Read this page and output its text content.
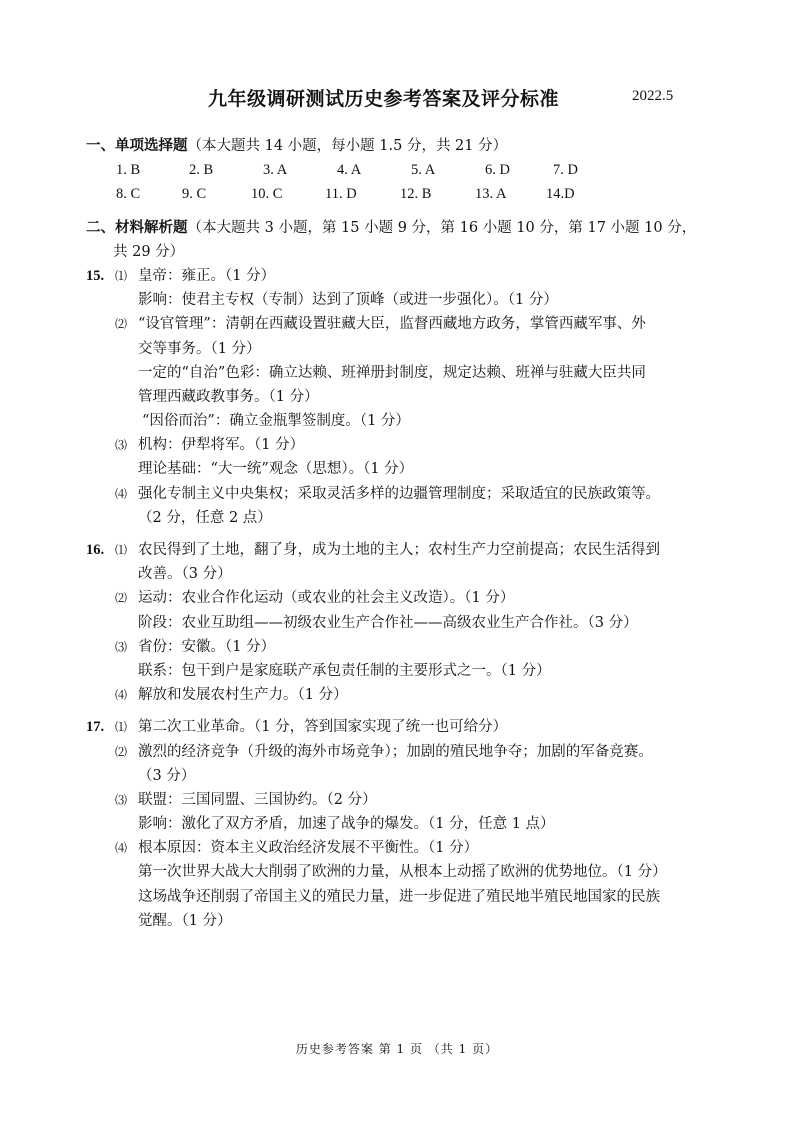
九年级调研测试历史参考答案及评分标准	2022.5
一、单项选择题（本大题共 14 小题，每小题 1.5 分，共 21 分）
1. B	2. B	3. A	4. A	5. A	6. D	7. D
8. C	9. C	10. C	11. D	12. B	13. A	14.D
二、材料解析题（本大题共 3 小题，第 15 小题 9 分，第 16 小题 10 分，第 17 小题 10 分，
共 29 分）
15. ⑴ 皇帝：雍正。（1 分）
影响：使君主专权（专制）达到了顶峰（或进一步强化）。（1 分）
⑵ “设官管理”：清朝在西藏设置驻藏大臣，监督西藏地方政务，掌管西藏军事、外
交等事务。（1 分）
一定的“自治”色彩：确立达赖、班禅册封制度，规定达赖、班禅与驻藏大臣共同
管理西藏政教事务。（1 分）
“因俗而治”：确立金瓶掣签制度。（1 分）
⑶ 机构：伊犁将军。（1 分）
理论基础：“大一统”观念（思想）。（1 分）
⑷ 强化专制主义中央集权；采取灵活多样的边疆管理制度；采取适宜的民族政策等。
（2 分，任意 2 点）
16. ⑴ 农民得到了土地，翻了身，成为土地的主人；农村生产力空前提高；农民生活得到
改善。（3 分）
⑵ 运动：农业合作化运动（或农业的社会主义改造）。（1 分）
阶段：农业互助组——初级农业生产合作社——高级农业生产合作社。（3 分）
⑶ 省份：安徽。（1 分）
联系：包干到户是家庭联产承包责任制的主要形式之一。（1 分）
⑷ 解放和发展农村生产力。（1 分）
17. ⑴ 第二次工业革命。（1 分，答到国家实现了统一也可给分）
⑵ 激烈的经济竞争（升级的海外市场竞争）；加剧的殖民地争夺；加剧的军备竞赛。
（3 分）
⑶ 联盟：三国同盟、三国协约。（2 分）
影响：激化了双方矛盾，加速了战争的爆发。（1 分，任意 1 点）
⑷ 根本原因：资本主义政治经济发展不平衡性。（1 分）
第一次世界大战大大削弱了欧洲的力量，从根本上动摇了欧洲的优势地位。（1 分）
这场战争还削弱了帝国主义的殖民力量，进一步促进了殖民地半殖民地国家的民族
觉醒。（1 分）
历史参考答案 第 1 页 （共 1 页）
